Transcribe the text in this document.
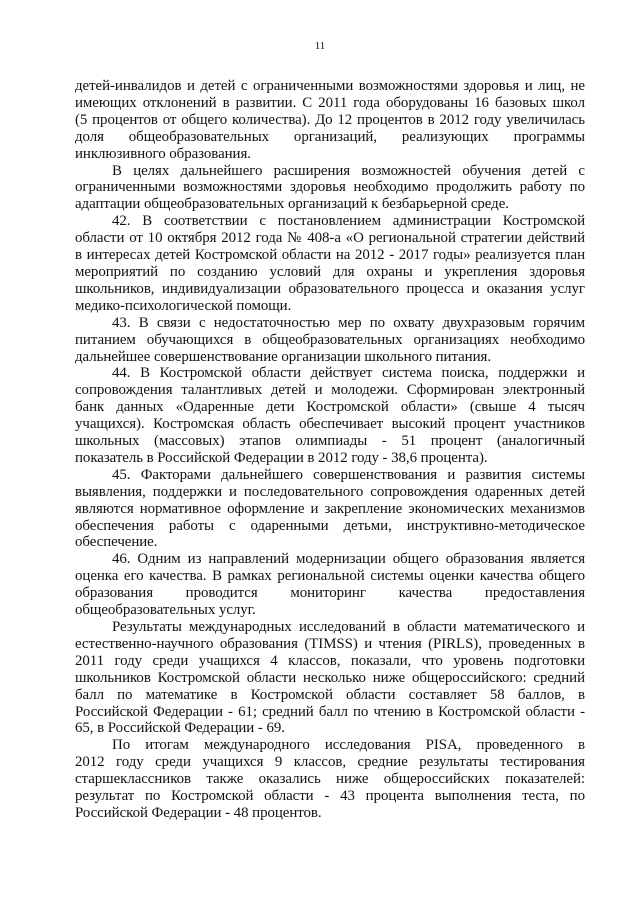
11

детей-инвалидов и детей с ограниченными возможностями здоровья и лиц, не
имеющих отклонений в развитии. С 2011 года оборудованы 16 базовых школ
(5 процентов от общего количества). До 12 процентов в 2012 году увеличилась
доля общеобразовательных организаций, реализующих программы
инклюзивного образования.

В целях дальнейшего расширения возможностей обучения детей с
ограниченными возможностями здоровья необходимо продолжить работу по
адаптации общеобразовательных организаций к безбарьерной среде.

42. В соответствии с постановлением администрации Костромской
области от 10 октября 2012 года № 408-а «О региональной стратегии действий
в интересах детей Костромской области на 2012 - 2017 годы» реализуется план
мероприятий по созданию условий для охраны и укрепления здоровья
школьников, индивидуализации образовательного процесса и оказания услуг
медико-психологической помощи.

43. В связи с недостаточностью мер по охвату двухразовым горячим
питанием обучающихся в общеобразовательных организациях необходимо
дальнейшее совершенствование организации школьного питания.

44. В Костромской области действует система поиска, поддержки и
сопровождения талантливых детей и молодежи. Сформирован электронный
банк данных «Одаренные дети Костромской области» (свыше 4 тысяч
учащихся). Костромская область обеспечивает высокий процент участников
школьных (массовых) этапов олимпиады - 51 процент (аналогичный
показатель в Российской Федерации в 2012 году - 38,6 процента).

45. Факторами дальнейшего совершенствования и развития системы
выявления, поддержки и последовательного сопровождения одаренных детей
являются нормативное оформление и закрепление экономических механизмов
обеспечения работы с одаренными детьми, инструктивно-методическое
обеспечение.

46. Одним из направлений модернизации общего образования является
оценка его качества. В рамках региональной системы оценки качества общего
образования проводится мониторинг качества предоставления
общеобразовательных услуг.

Результаты международных исследований в области математического и
естественно-научного образования (TIMSS) и чтения (PIRLS), проведенных в
2011 году среди учащихся 4 классов, показали, что уровень подготовки
школьников Костромской области несколько ниже общероссийского: средний
балл по математике в Костромской области составляет 58 баллов, в
Российской Федерации - 61; средний балл по чтению в Костромской области -
65, в Российской Федерации - 69.

По итогам международного исследования PISA, проведенного в
2012 году среди учащихся 9 классов, средние результаты тестирования
старшеклассников также оказались ниже общероссийских показателей:
результат по Костромской области - 43 процента выполнения теста, по
Российской Федерации - 48 процентов.
